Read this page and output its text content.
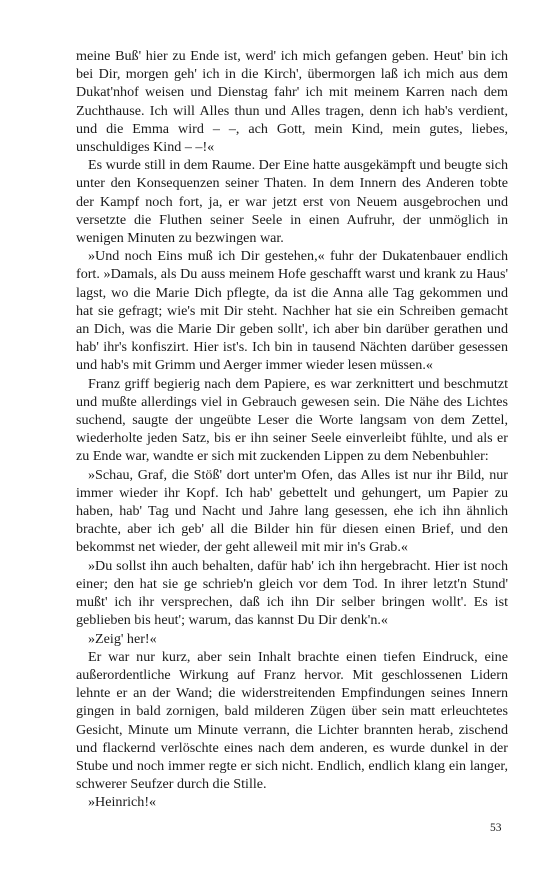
meine Buß' hier zu Ende ist, werd' ich mich gefangen geben. Heut' bin ich bei Dir, morgen geh' ich in die Kirch', übermorgen laß ich mich aus dem Dukat'nhof weisen und Dienstag fahr' ich mit meinem Karren nach dem Zuchthause. Ich will Alles thun und Alles tragen, denn ich hab's verdient, und die Emma wird – –, ach Gott, mein Kind, mein gutes, liebes, unschuldiges Kind – –!«

Es wurde still in dem Raume. Der Eine hatte ausgekämpft und beugte sich unter den Konsequenzen seiner Thaten. In dem Innern des Anderen tobte der Kampf noch fort, ja, er war jetzt erst von Neuem ausgebrochen und versetzte die Fluthen seiner Seele in einen Aufruhr, der unmöglich in wenigen Minuten zu bezwingen war.

»Und noch Eins muß ich Dir gestehen,« fuhr der Dukatenbauer endlich fort. »Damals, als Du auss meinem Hofe geschafft warst und krank zu Haus' lagst, wo die Marie Dich pflegte, da ist die Anna alle Tag gekommen und hat sie gefragt; wie's mit Dir steht. Nachher hat sie ein Schreiben gemacht an Dich, was die Marie Dir geben sollt', ich aber bin darüber gerathen und hab' ihr's konfiszirt. Hier ist's. Ich bin in tausend Nächten darüber gesessen und hab's mit Grimm und Aerger immer wieder lesen müssen.«

Franz griff begierig nach dem Papiere, es war zerknittert und beschmutzt und mußte allerdings viel in Gebrauch gewesen sein. Die Nähe des Lichtes suchend, saugte der ungeübte Leser die Worte langsam von dem Zettel, wiederholte jeden Satz, bis er ihn seiner Seele einverleibt fühlte, und als er zu Ende war, wandte er sich mit zuckenden Lippen zu dem Nebenbuhler:

»Schau, Graf, die Stöß' dort unter'm Ofen, das Alles ist nur ihr Bild, nur immer wieder ihr Kopf. Ich hab' gebettelt und gehungert, um Papier zu haben, hab' Tag und Nacht und Jahre lang gesessen, ehe ich ihn ähnlich brachte, aber ich geb' all die Bilder hin für diesen einen Brief, und den bekommst net wieder, der geht alleweil mit mir in's Grab.«

»Du sollst ihn auch behalten, dafür hab' ich ihn hergebracht. Hier ist noch einer; den hat sie ge schrieb'n gleich vor dem Tod. In ihrer letzt'n Stund' mußt' ich ihr versprechen, daß ich ihn Dir selber bringen wollt'. Es ist geblieben bis heut'; warum, das kannst Du Dir denk'n.«

»Zeig' her!«

Er war nur kurz, aber sein Inhalt brachte einen tiefen Eindruck, eine außerordentliche Wirkung auf Franz hervor. Mit geschlossenen Lidern lehnte er an der Wand; die widerstreitenden Empfindungen seines Innern gingen in bald zornigen, bald milderen Zügen über sein matt erleuchtetes Gesicht, Minute um Minute verrann, die Lichter brannten herab, zischend und flackernd verlöschte eines nach dem anderen, es wurde dunkel in der Stube und noch immer regte er sich nicht. Endlich, endlich klang ein langer, schwerer Seufzer durch die Stille.

»Heinrich!«

53
